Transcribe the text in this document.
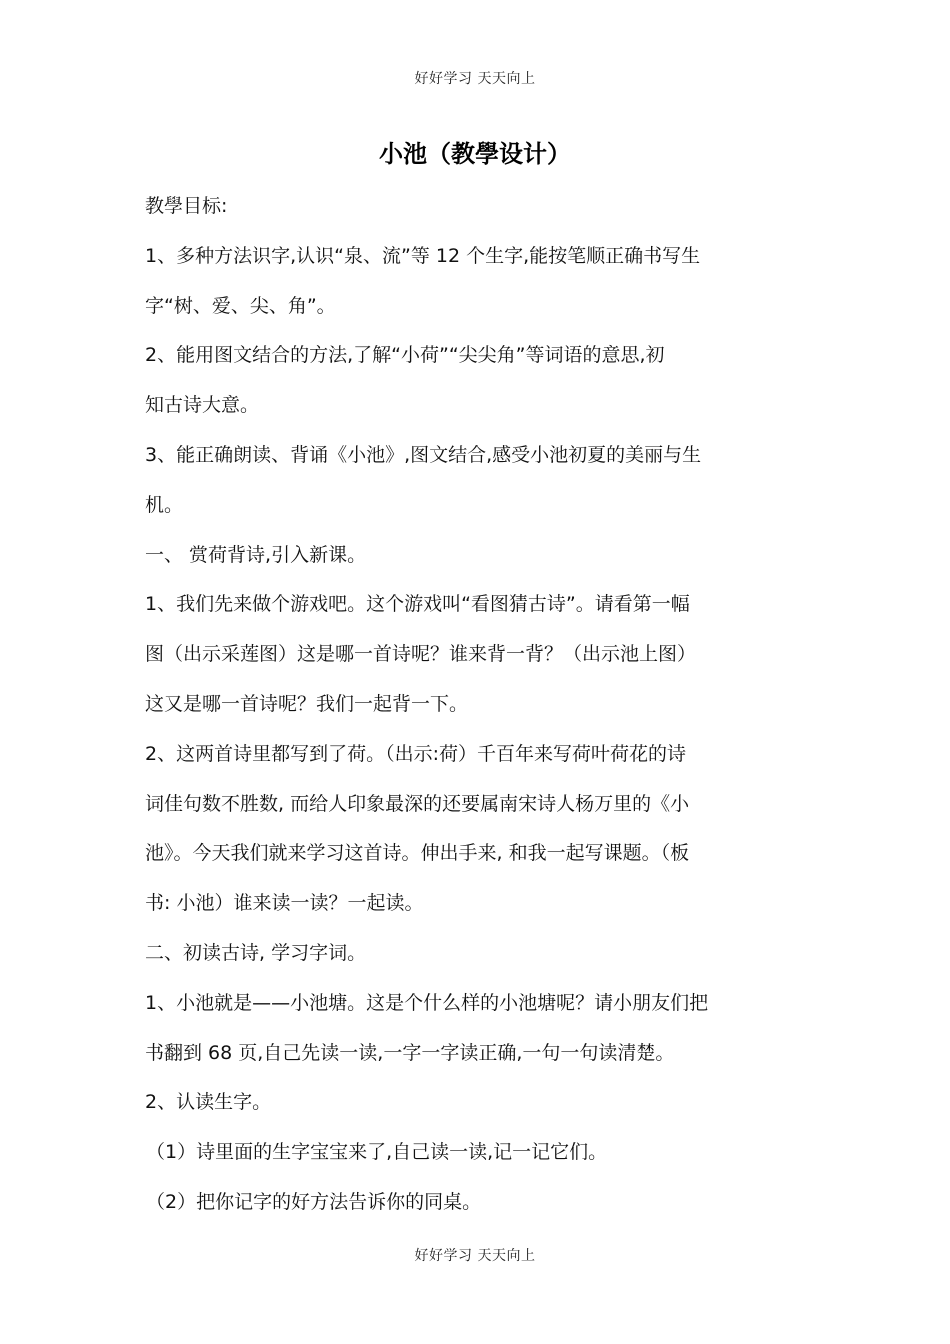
好好学习 天天向上
小池（教學设计）

教學目标:

1、多种方法识字,认识“泉、流”等 12 个生字,能按笔顺正确书写生

字“树、爱、尖、角”。

2、能用图文结合的方法,了解“小荷”“尖尖角”等词语的意思,初

知古诗大意。

3、能正确朗读、背诵《小池》,图文结合,感受小池初夏的美丽与生

机。

一、 赏荷背诗,引入新课。

1、我们先来做个游戏吧。这个游戏叫“看图猜古诗”。请看第一幅

图（出示采莲图）这是哪一首诗呢？谁来背一背？（出示池上图）

这又是哪一首诗呢？我们一起背一下。

2、这两首诗里都写到了荷。（出示:荷）千百年来写荷叶荷花的诗

词佳句数不胜数, 而给人印象最深的还要属南宋诗人杨万里的《小

池》。今天我们就来学习这首诗。伸出手来, 和我一起写课题。（板

书: 小池）谁来读一读？一起读。

二、初读古诗, 学习字词。

1、小池就是——小池塘。这是个什么样的小池塘呢？请小朋友们把

书翻到 68 页,自己先读一读,一字一字读正确,一句一句读清楚。

2、认读生字。

（1）诗里面的生字宝宝来了,自己读一读,记一记它们。

（2）把你记字的好方法告诉你的同桌。

好好学习 天天向上
